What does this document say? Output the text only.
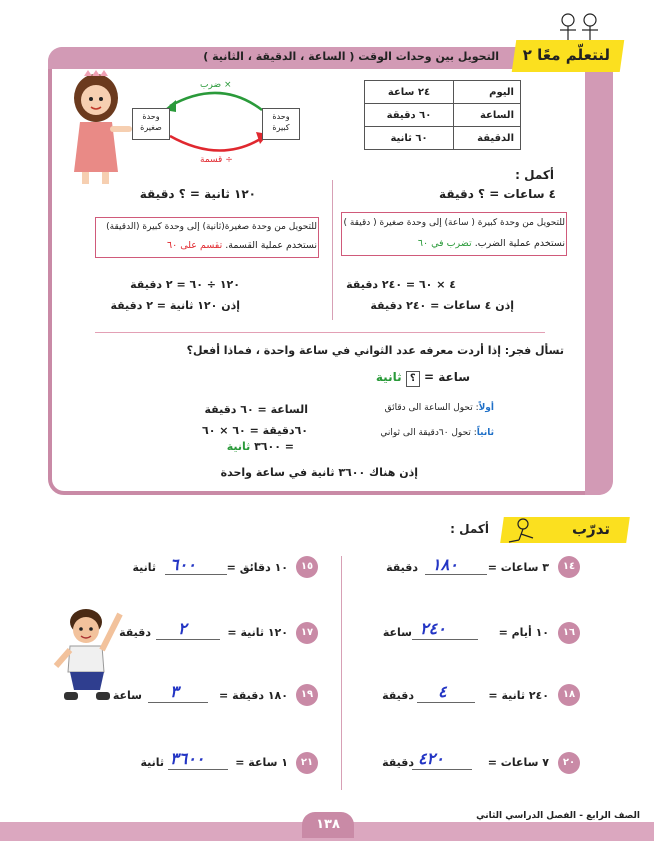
لنتعلّم معًا ٢
التحويل بين وحدات الوقت ( الساعة ، الدقيقة ، الثانية )
اليوم	٢٤ ساعة
الساعة	٦٠ دقيقة
الدقيقة	٦٠ ثانية
وحدة كبيرة
وحدة صغيرة
× ضرب
÷ قسمة
أكمل :
٤ ساعات = ؟ دقيقة
للتحويل من وحدة كبيرة ( ساعة) إلى وحدة صغيرة ( دقيقة )
نستخدم عملية الضرب. تضرب في ٦٠
٤ × ٦٠ = ٢٤٠ دقيقة
إذن ٤ ساعات = ٢٤٠ دقيقة
١٢٠ ثانية = ؟ دقيقة
للتحويل من وحدة صغيرة(ثانية) إلى وحدة كبيرة (الدقيقة)
نستخدم عملية القسمة. تقسم على ٦٠
١٢٠ ÷ ٦٠ = ٢ دقيقة
إذن ١٢٠ ثانية = ٢ دقيقة
تسأل فجر: إذا أردت معرفه عدد الثواني في ساعة واحدة ، فماذا أفعل؟
ساعة = ؟ ثانية
أولاً: تحول الساعة الى دقائق
الساعة = ٦٠ دقيقة
ثانياً: تحول ٦٠دقيقة الى ثواني
٦٠دقيقة = ٦٠ × ٦٠
= ٣٦٠٠ ثانية
إذن هناك ٣٦٠٠ ثانية في ساعة واحدة
تدرّب
أكمل :
١٤
٣ ساعات =
١٨٠
دقيقة
١٥
١٠ دقائق =
٦٠٠
ثانية
١٦
١٠ أيام =
٢٤٠
ساعة
١٧
١٢٠ ثانية =
٢
دقيقة
١٨
٢٤٠ ثانية =
٤
دقيقة
١٩
١٨٠ دقيقة =
٣
ساعة
٢٠
٧ ساعات =
٤٢٠
دقيقة
٢١
١ ساعة =
٣٦٠٠
ثانية
١٣٨
الصف الرابع - الفصل الدراسي الثاني
